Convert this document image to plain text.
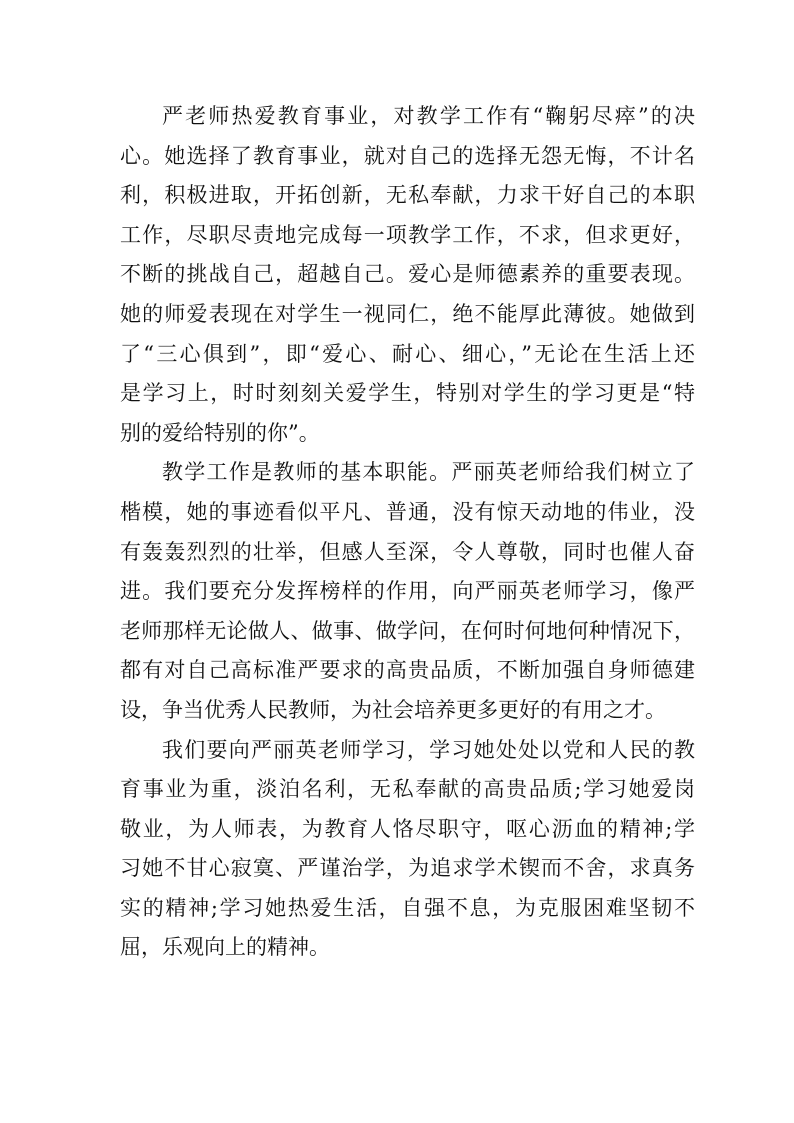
严老师热爱教育事业，对教学工作有“鞠躬尽瘁”的决
心。她选择了教育事业，就对自己的选择无怨无悔，不计名
利，积极进取，开拓创新，无私奉献，力求干好自己的本职
工作，尽职尽责地完成每一项教学工作，不求，但求更好，
不断的挑战自己，超越自己。爱心是师德素养的重要表现。
她的师爱表现在对学生一视同仁，绝不能厚此薄彼。她做到
了“三心俱到”，即“爱心、耐心、细心，”无论在生活上还
是学习上，时时刻刻关爱学生，特别对学生的学习更是“特
别的爱给特别的你”。
教学工作是教师的基本职能。严丽英老师给我们树立了
楷模，她的事迹看似平凡、普通，没有惊天动地的伟业，没
有轰轰烈烈的壮举，但感人至深，令人尊敬，同时也催人奋
进。我们要充分发挥榜样的作用，向严丽英老师学习，像严
老师那样无论做人、做事、做学问，在何时何地何种情况下，
都有对自己高标准严要求的高贵品质，不断加强自身师德建
设，争当优秀人民教师，为社会培养更多更好的有用之才。
我们要向严丽英老师学习，学习她处处以党和人民的教
育事业为重，淡泊名利，无私奉献的高贵品质;学习她爱岗
敬业，为人师表，为教育人恪尽职守，呕心沥血的精神;学
习她不甘心寂寞、严谨治学，为追求学术锲而不舍，求真务
实的精神;学习她热爱生活，自强不息，为克服困难坚韧不
屈，乐观向上的精神。
